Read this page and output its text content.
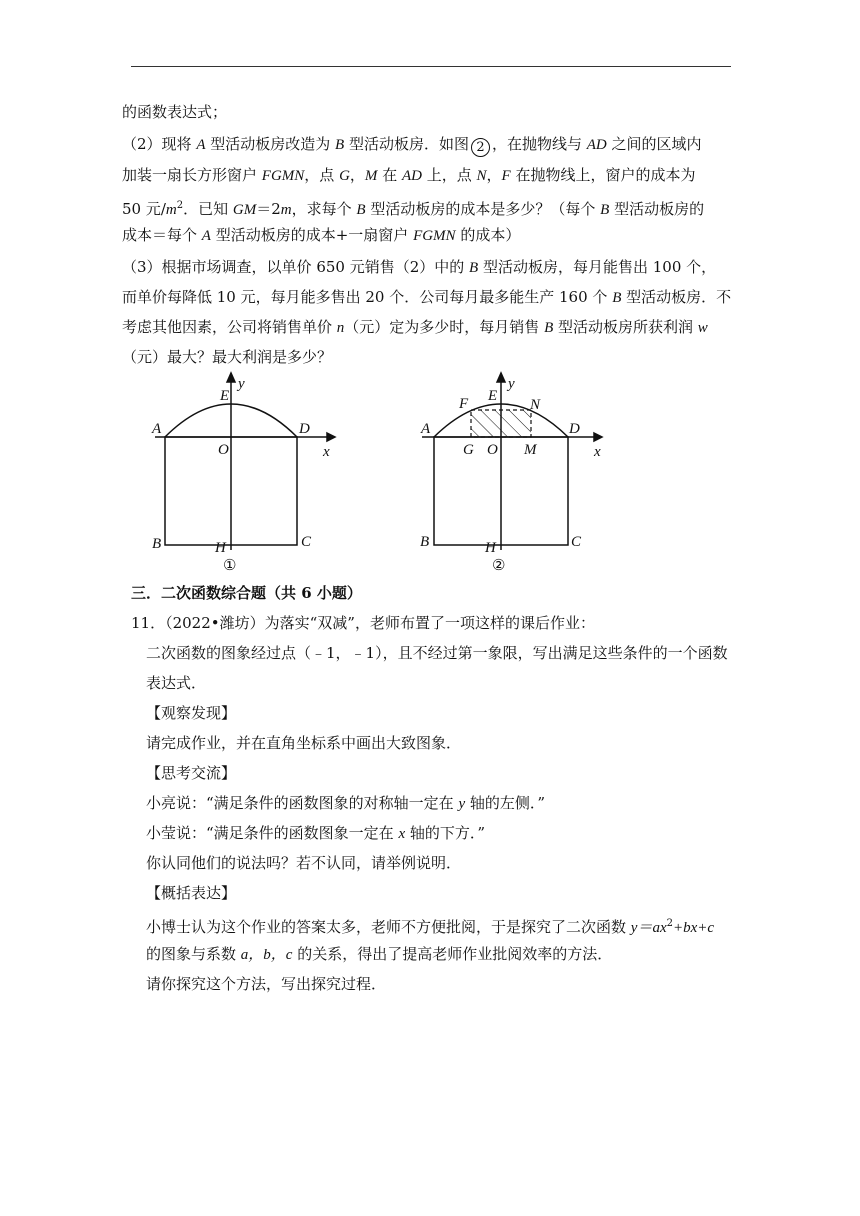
的函数表达式；
（2）现将 A 型活动板房改造为 B 型活动板房．如图 2 ，在抛物线与 AD 之间的区域内
加装一扇长方形窗户 FGMN，点 G，M 在 AD 上，点 N，F 在抛物线上，窗户的成本为
50 元$/m^2$．已知 GM＝2m，求每个 B 型活动板房的成本是多少？（每个 B 型活动板房的
成本＝每个 A 型活动板房的成本+一扇窗户 FGMN 的成本）
（3）根据市场调查，以单价 650 元销售（2）中的 B 型活动板房，每月能售出 100 个，
而单价每降低 10 元，每月能多售出 20 个．公司每月最多能生产 160 个 B 型活动板房．不
考虑其他因素，公司将销售单价 n（元）定为多少时，每月销售 B 型活动板房所获利润 w
（元）最大？最大利润是多少？
y
E
A	D
O	x
B	H	C
①
y
E
F	N
A	D
G O M	x
B	H	C
②
三．二次函数综合题（共 6 小题）
11．（2022•潍坊）为落实“双减”，老师布置了一项这样的课后作业：
二次函数的图象经过点（﹣1，﹣1），且不经过第一象限，写出满足这些条件的一个函数
表达式．
【观察发现】
请完成作业，并在直角坐标系中画出大致图象．
【思考交流】
小亮说：“满足条件的函数图象的对称轴一定在 y 轴的左侧．”
小莹说：“满足条件的函数图象一定在 x 轴的下方．”
你认同他们的说法吗？若不认同，请举例说明．
【概括表达】
小博士认为这个作业的答案太多，老师不方便批阅，于是探究了二次函数 $y=ax^2+bx+c$
的图象与系数 a，b，c 的关系，得出了提高老师作业批阅效率的方法．
请你探究这个方法，写出探究过程．
